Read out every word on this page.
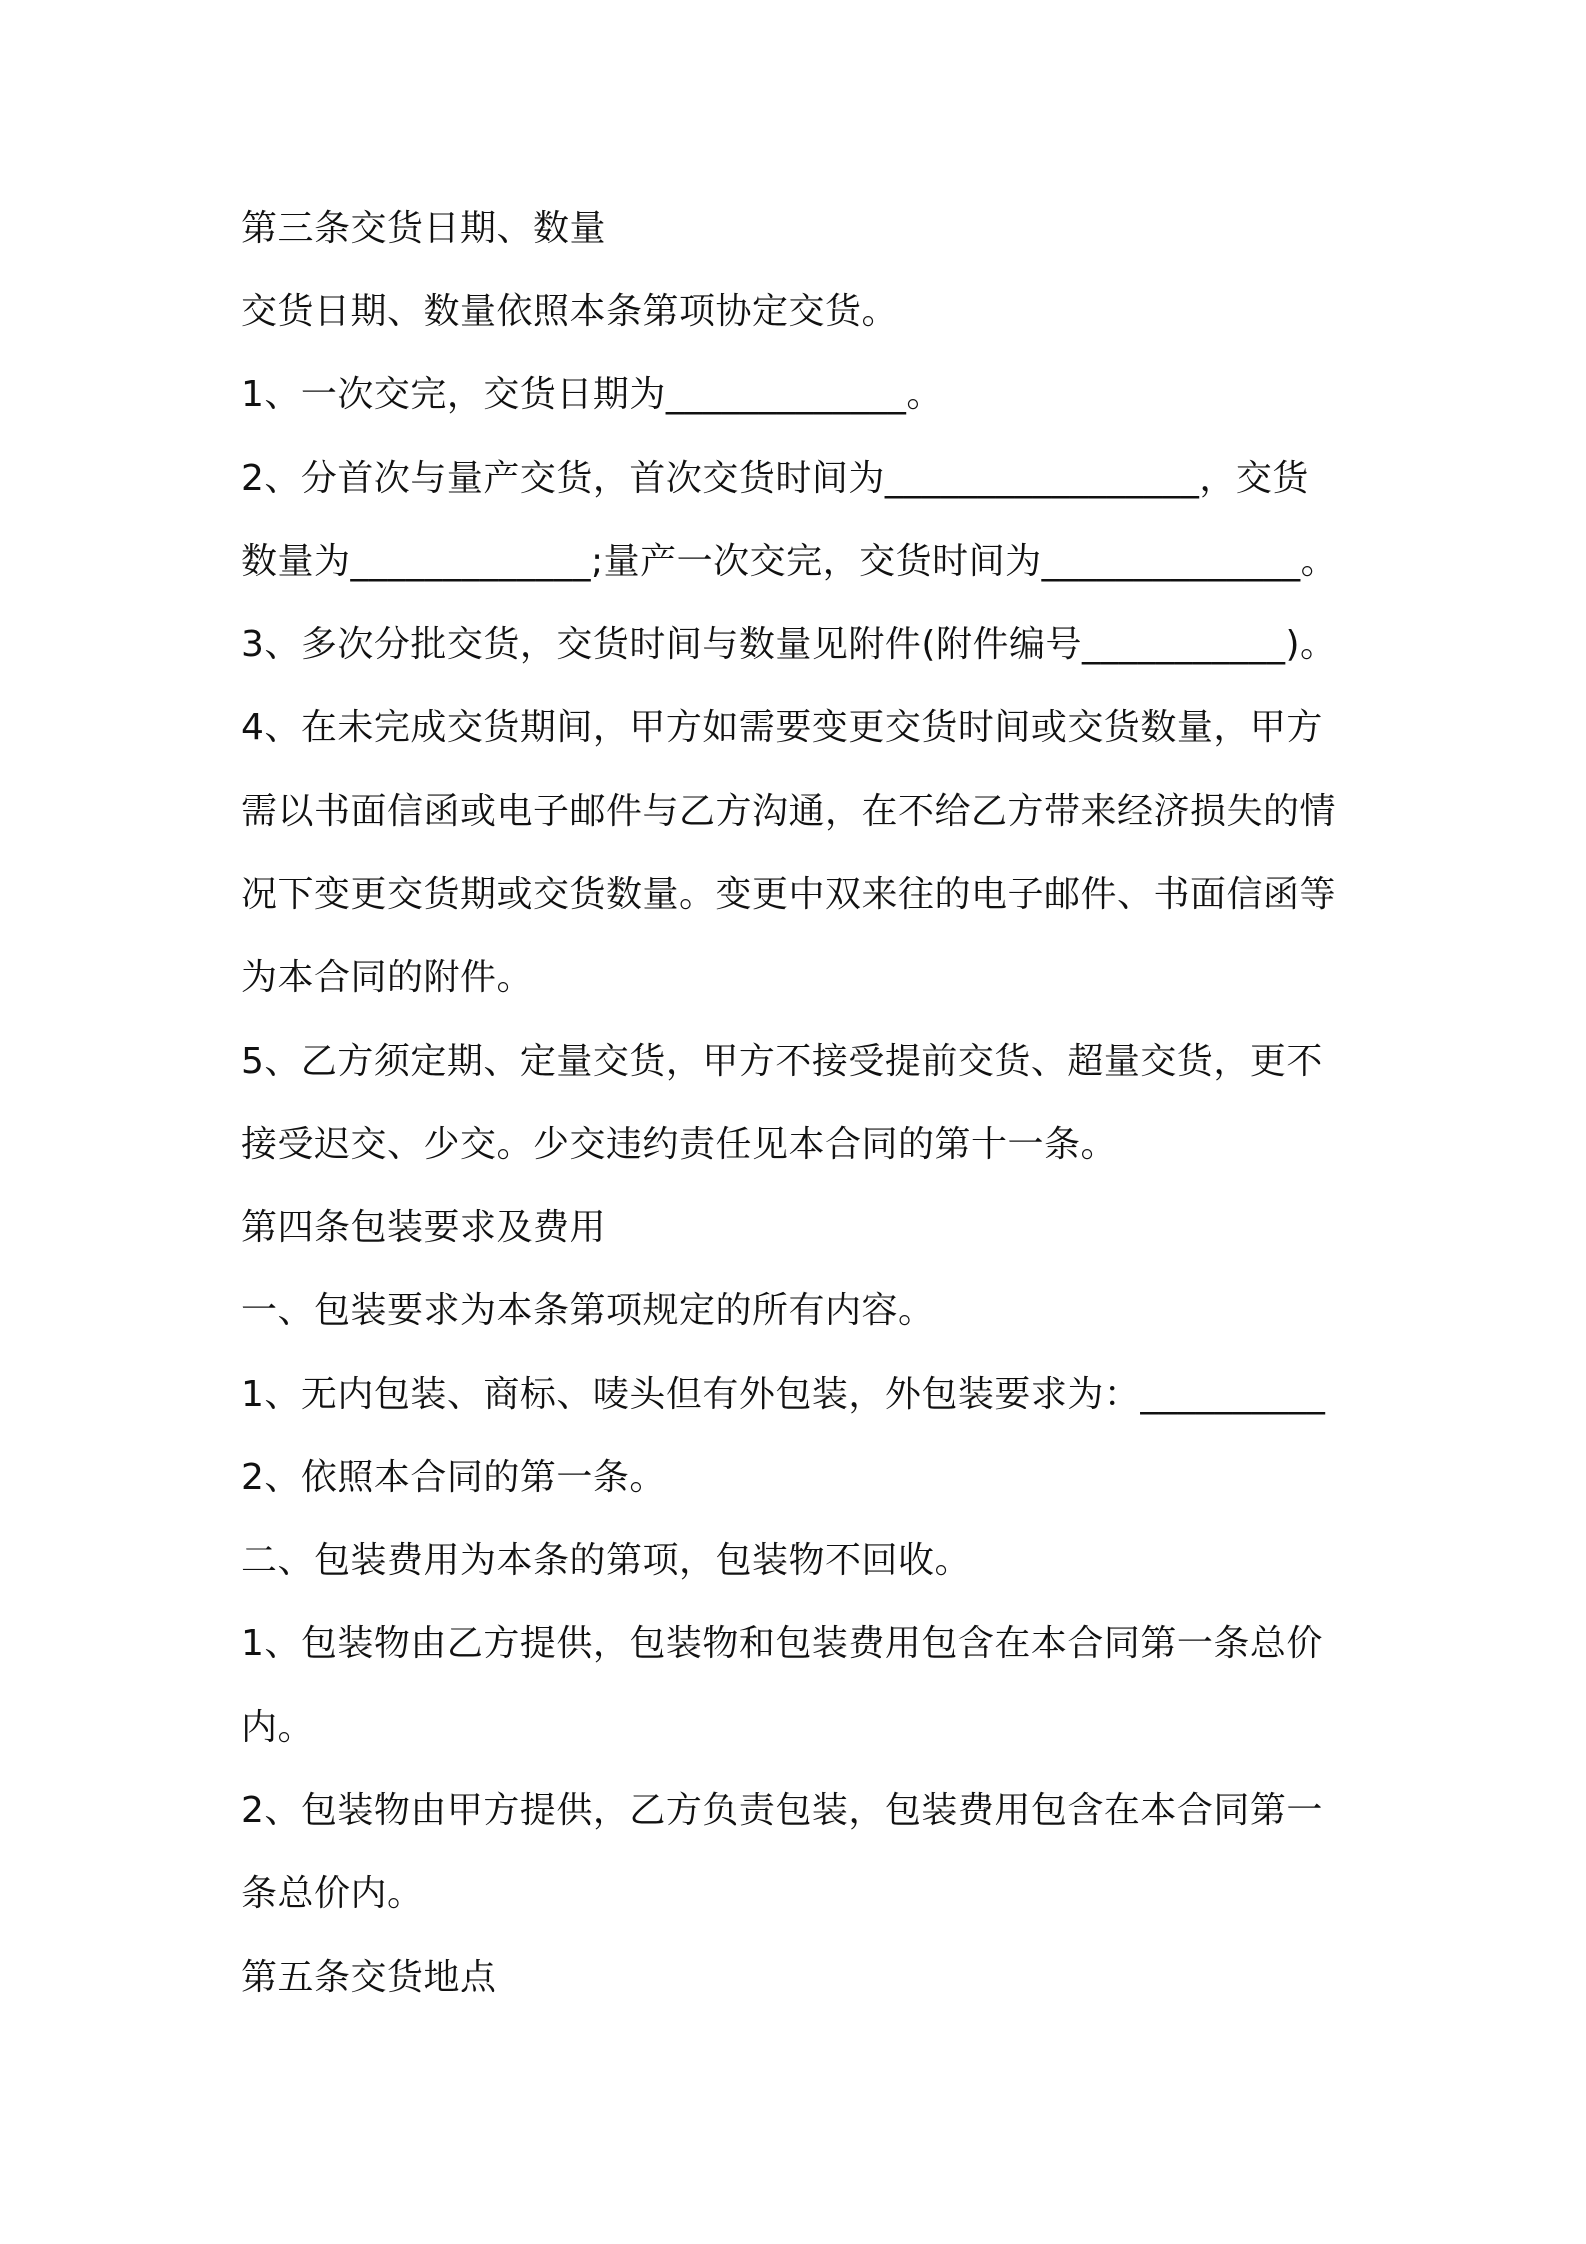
第三条交货日期、数量

交货日期、数量依照本条第项协定交货。

1、一次交完，交货日期为_____________。

2、分首次与量产交货，首次交货时间为_________________，交货

数量为_____________;量产一次交完，交货时间为______________。

3、多次分批交货，交货时间与数量见附件(附件编号___________)。

4、在未完成交货期间，甲方如需要变更交货时间或交货数量，甲方

需以书面信函或电子邮件与乙方沟通，在不给乙方带来经济损失的情

况下变更交货期或交货数量。变更中双来往的电子邮件、书面信函等

为本合同的附件。

5、乙方须定期、定量交货，甲方不接受提前交货、超量交货，更不

接受迟交、少交。少交违约责任见本合同的第十一条。

第四条包装要求及费用

一、包装要求为本条第项规定的所有内容。

1、无内包装、商标、唛头但有外包装，外包装要求为：__________

2、依照本合同的第一条。

二、包装费用为本条的第项，包装物不回收。

1、包装物由乙方提供，包装物和包装费用包含在本合同第一条总价

内。

2、包装物由甲方提供，乙方负责包装，包装费用包含在本合同第一

条总价内。

第五条交货地点
